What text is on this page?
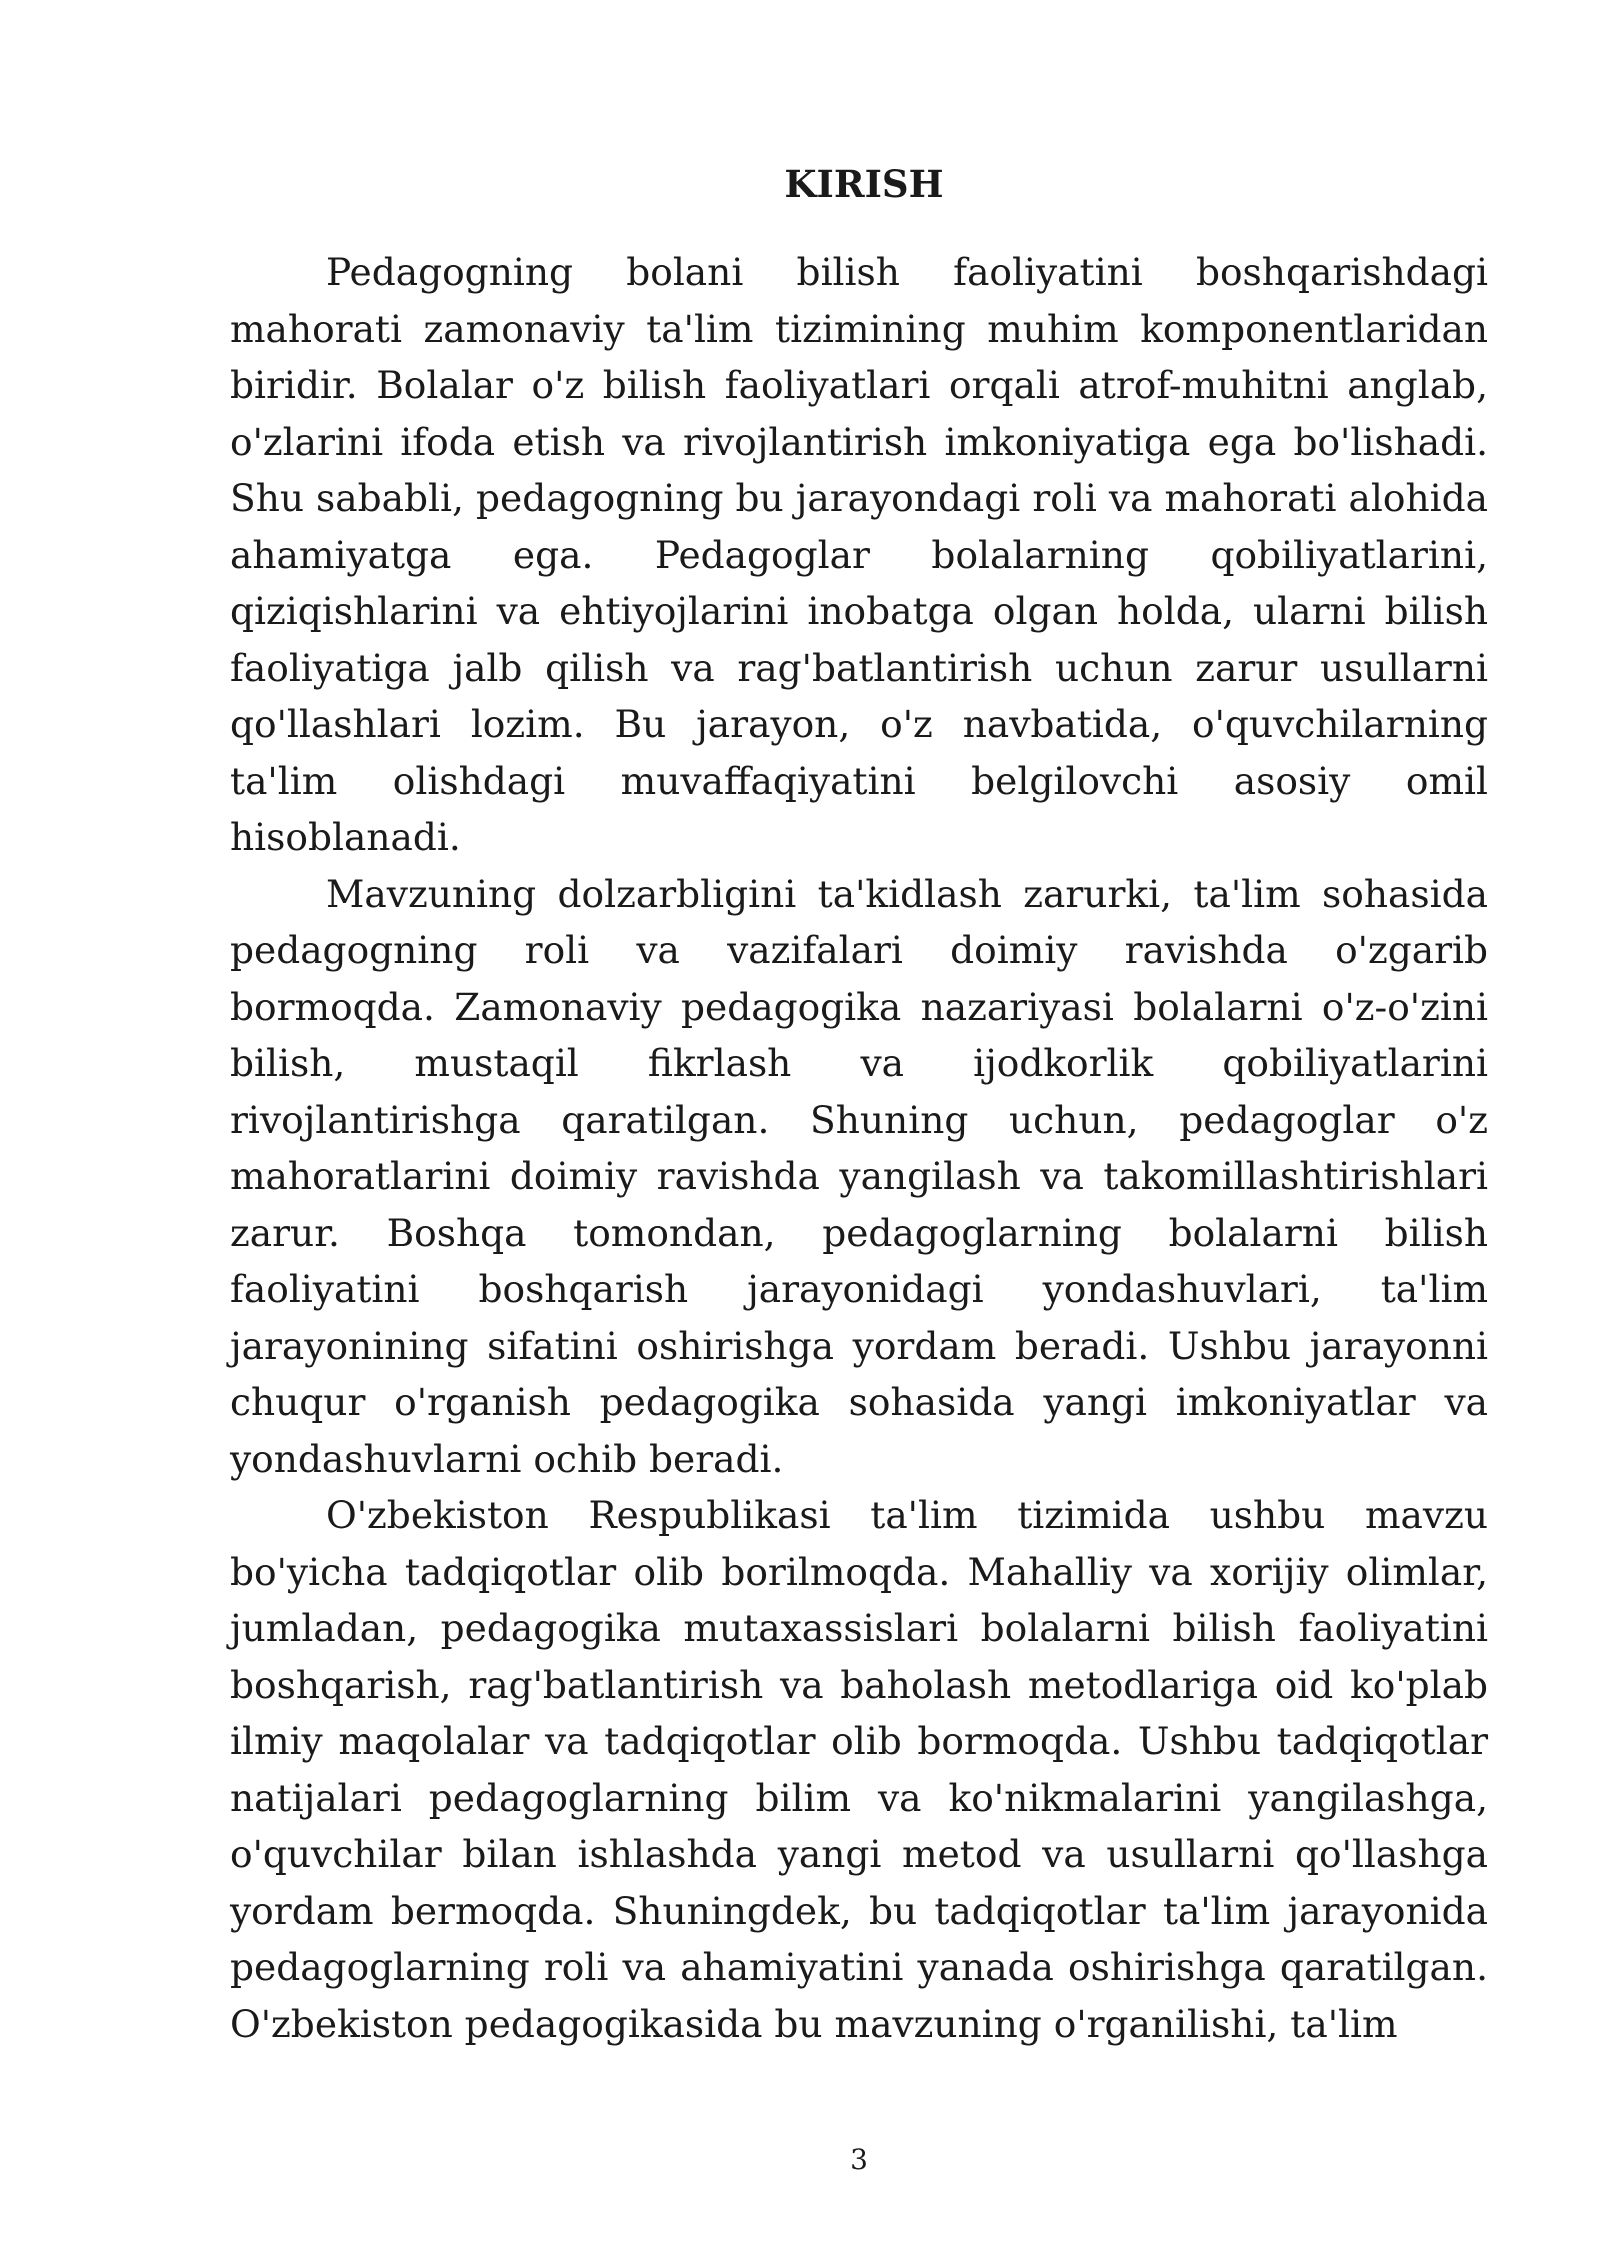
KIRISH

Pedagogning bolani bilish faoliyatini boshqarishdagi mahorati zamonaviy ta'lim tizimining muhim komponentlaridan biridir. Bolalar o'z bilish faoliyatlari orqali atrof-muhitni anglab, o'zlarini ifoda etish va rivojlantirish imkoniyatiga ega bo'lishadi. Shu sababli, pedagogning bu jarayondagi roli va mahorati alohida ahamiyatga ega. Pedagoglar bolalarning qobiliyatlarini, qiziqishlarini va ehtiyojlarini inobatga olgan holda, ularni bilish faoliyatiga jalb qilish va rag'batlantirish uchun zarur usullarni qo'llashlari lozim. Bu jarayon, o'z navbatida, o'quvchilarning ta'lim olishdagi muvaffaqiyatini belgilovchi asosiy omil hisoblanadi.

Mavzuning dolzarbligini ta'kidlash zarurki, ta'lim sohasida pedagogning roli va vazifalari doimiy ravishda o'zgarib bormoqda. Zamonaviy pedagogika nazariyasi bolalarni o'z-o'zini bilish, mustaqil fikrlash va ijodkorlik qobiliyatlarini rivojlantirishga qaratilgan. Shuning uchun, pedagoglar o'z mahoratlarini doimiy ravishda yangilash va takomillashtirishlari zarur. Boshqa tomondan, pedagoglarning bolalarni bilish faoliyatini boshqarish jarayonidagi yondashuvlari, ta'lim jarayonining sifatini oshirishga yordam beradi. Ushbu jarayonni chuqur o'rganish pedagogika sohasida yangi imkoniyatlar va yondashuvlarni ochib beradi.

O'zbekiston Respublikasi ta'lim tizimida ushbu mavzu bo'yicha tadqiqotlar olib borilmoqda. Mahalliy va xorijiy olimlar, jumladan, pedagogika mutaxassislari bolalarni bilish faoliyatini boshqarish, rag'batlantirish va baholash metodlariga oid ko'plab ilmiy maqolalar va tadqiqotlar olib bormoqda. Ushbu tadqiqotlar natijalari pedagoglarning bilim va ko'nikmalarini yangilashga, o'quvchilar bilan ishlashda yangi metod va usullarni qo'llashga yordam bermoqda. Shuningdek, bu tadqiqotlar ta'lim jarayonida pedagoglarning roli va ahamiyatini yanada oshirishga qaratilgan. O'zbekiston pedagogikasida bu mavzuning o'rganilishi, ta'lim

3
